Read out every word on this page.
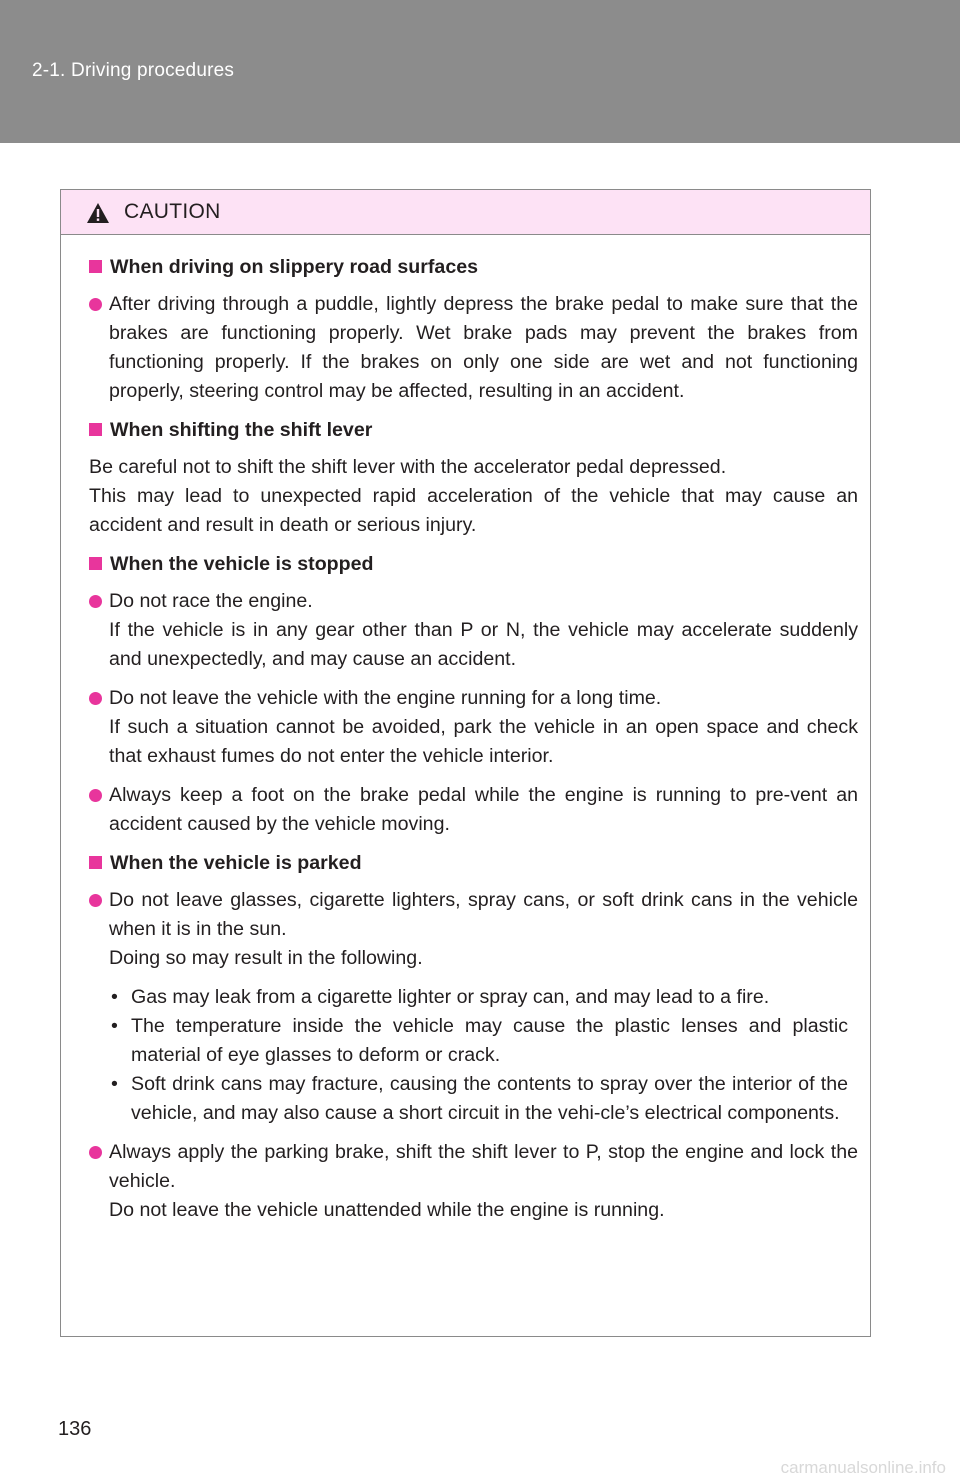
2-1. Driving procedures
CAUTION
When driving on slippery road surfaces
After driving through a puddle, lightly depress the brake pedal to make sure that the brakes are functioning properly. Wet brake pads may prevent the brakes from functioning properly. If the brakes on only one side are wet and not functioning properly, steering control may be affected, resulting in an accident.
When shifting the shift lever
Be careful not to shift the shift lever with the accelerator pedal depressed.
This may lead to unexpected rapid acceleration of the vehicle that may cause an accident and result in death or serious injury.
When the vehicle is stopped
Do not race the engine.
If the vehicle is in any gear other than P or N, the vehicle may accelerate suddenly and unexpectedly, and may cause an accident.
Do not leave the vehicle with the engine running for a long time.
If such a situation cannot be avoided, park the vehicle in an open space and check that exhaust fumes do not enter the vehicle interior.
Always keep a foot on the brake pedal while the engine is running to pre-vent an accident caused by the vehicle moving.
When the vehicle is parked
Do not leave glasses, cigarette lighters, spray cans, or soft drink cans in the vehicle when it is in the sun.
Doing so may result in the following.
• Gas may leak from a cigarette lighter or spray can, and may lead to a fire.
• The temperature inside the vehicle may cause the plastic lenses and plastic material of eye glasses to deform or crack.
• Soft drink cans may fracture, causing the contents to spray over the interior of the vehicle, and may also cause a short circuit in the vehi-cle’s electrical components.
Always apply the parking brake, shift the shift lever to P, stop the engine and lock the vehicle.
Do not leave the vehicle unattended while the engine is running.
136
carmanualsonline.info
